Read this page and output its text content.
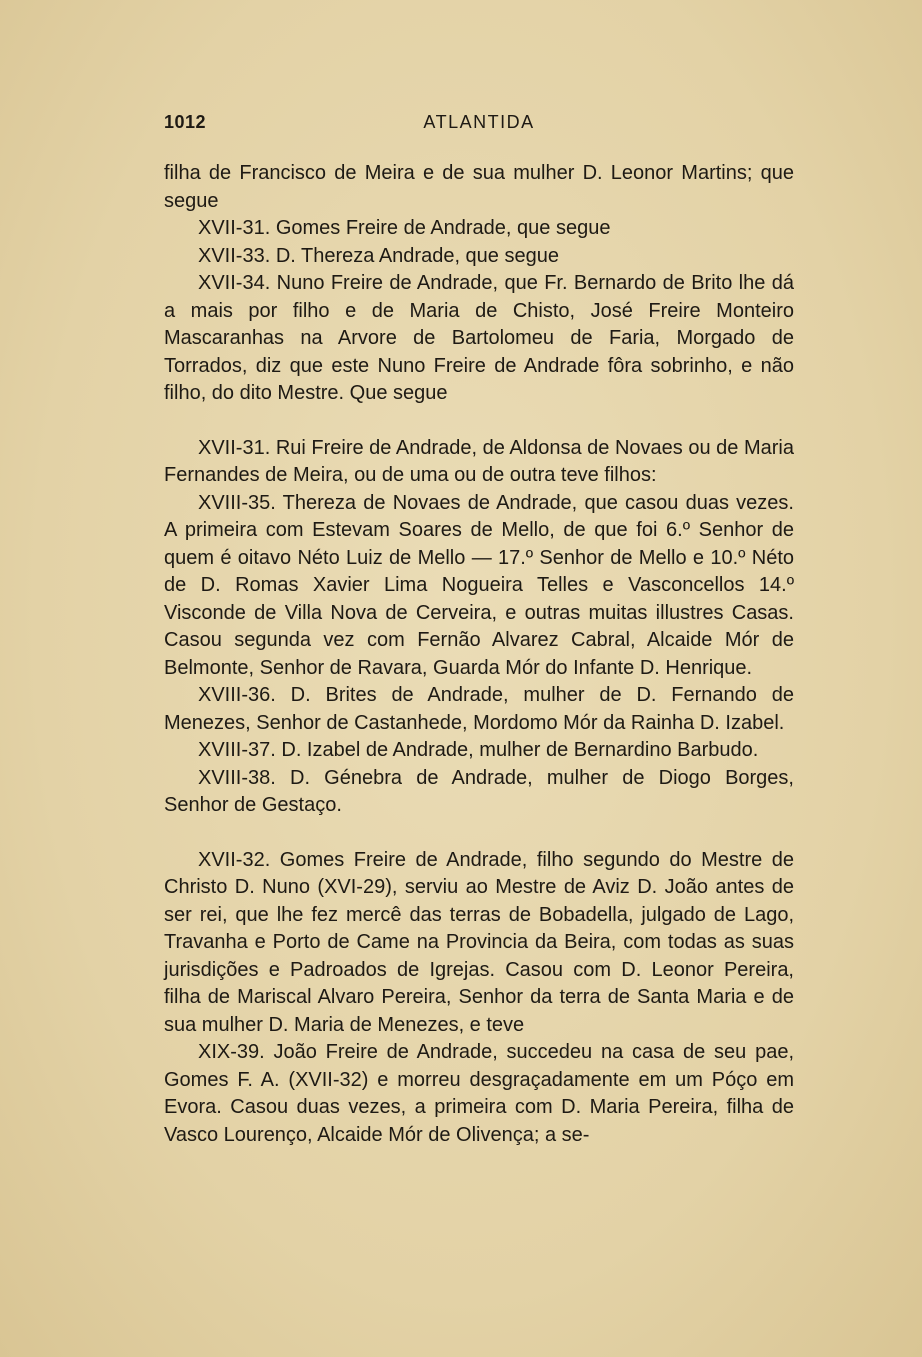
1012	ATLANTIDA

filha de Francisco de Meira e de sua mulher D. Leonor Martins; que segue

XVII-31. Gomes Freire de Andrade, que segue

XVII-33. D. Thereza Andrade, que segue

XVII-34. Nuno Freire de Andrade, que Fr. Bernardo de Brito lhe dá a mais por filho e de Maria de Chisto, José Freire Monteiro Mascaranhas na Arvore de Bartolomeu de Faria, Morgado de Torrados, diz que este Nuno Freire de Andrade fôra sobrinho, e não filho, do dito Mestre. Que segue

XVII-31. Rui Freire de Andrade, de Aldonsa de Novaes ou de Maria Fernandes de Meira, ou de uma ou de outra teve filhos:

XVIII-35. Thereza de Novaes de Andrade, que casou duas vezes. A primeira com Estevam Soares de Mello, de que foi 6.º Senhor de quem é oitavo Néto Luiz de Mello — 17.º Senhor de Mello e 10.º Néto de D. Romas Xavier Lima Nogueira Telles e Vasconcellos 14.º Visconde de Villa Nova de Cerveira, e outras muitas illustres Casas. Casou segunda vez com Fernão Alvarez Cabral, Alcaide Mór de Belmonte, Senhor de Ravara, Guarda Mór do Infante D. Henrique.

XVIII-36. D. Brites de Andrade, mulher de D. Fernando de Menezes, Senhor de Castanhede, Mordomo Mór da Rainha D. Izabel.

XVIII-37. D. Izabel de Andrade, mulher de Bernardino Barbudo.

XVIII-38. D. Génebra de Andrade, mulher de Diogo Borges, Senhor de Gestaço.

XVII-32. Gomes Freire de Andrade, filho segundo do Mestre de Christo D. Nuno (XVI-29), serviu ao Mestre de Aviz D. João antes de ser rei, que lhe fez mercê das terras de Bobadella, julgado de Lago, Travanha e Porto de Came na Provincia da Beira, com todas as suas jurisdições e Padroados de Igrejas. Casou com D. Leonor Pereira, filha de Mariscal Alvaro Pereira, Senhor da terra de Santa Maria e de sua mulher D. Maria de Menezes, e teve

XIX-39. João Freire de Andrade, succedeu na casa de seu pae, Gomes F. A. (XVII-32) e morreu desgraçadamente em um Póço em Evora. Casou duas vezes, a primeira com D. Maria Pereira, filha de Vasco Lourenço, Alcaide Mór de Olivença; a se-
